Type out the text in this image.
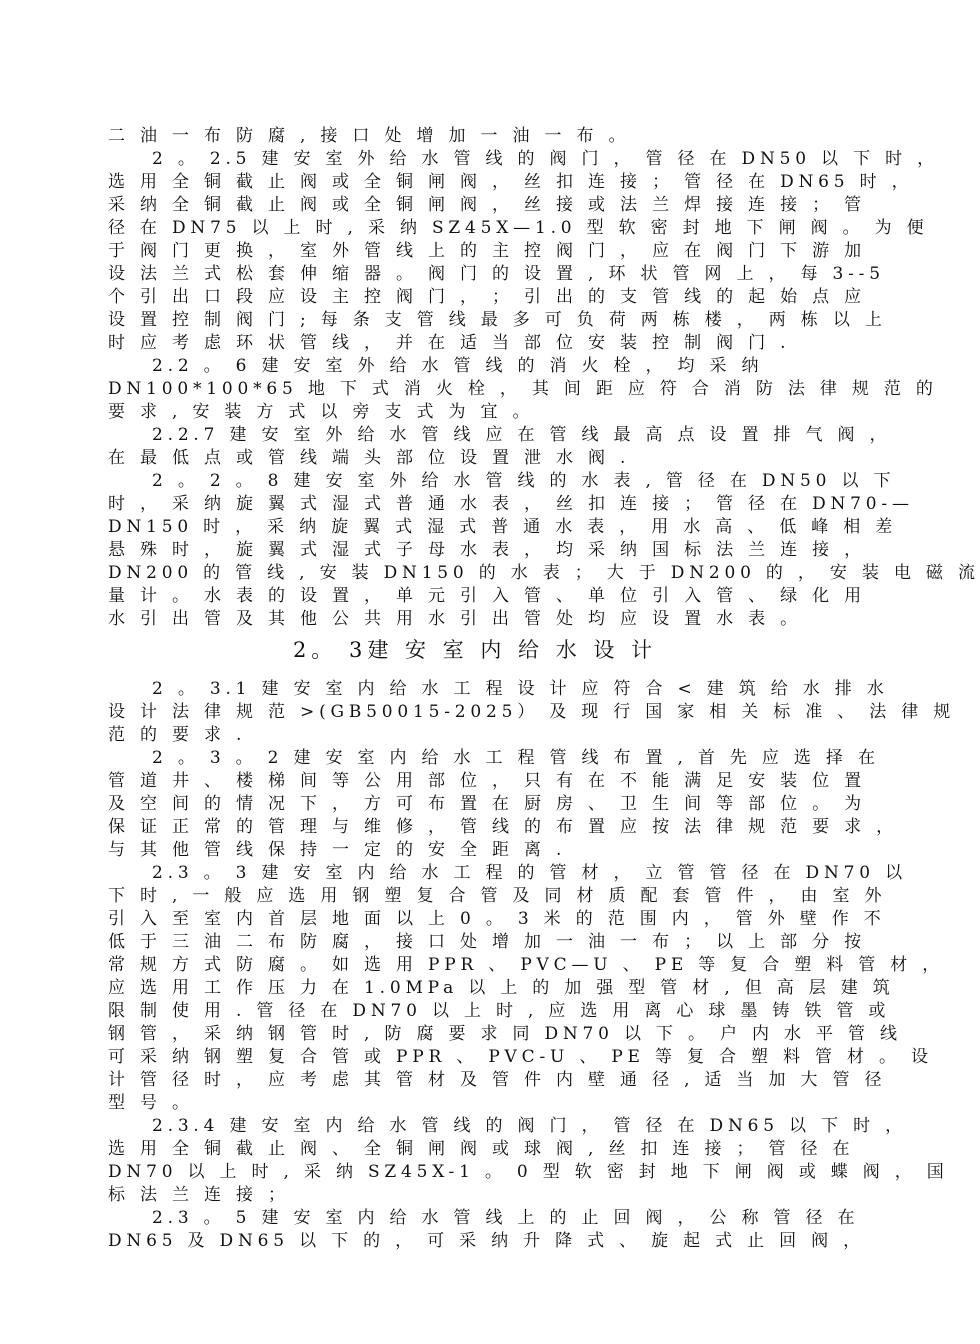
二 油 一 布 防 腐 , 接 口 处 增 加 一 油 一 布 。
2 。 2.5 建 安 室 外 给 水 管 线 的 阀 门 ， 管 径 在 DN50 以 下 时 ，
选 用 全 铜 截 止 阀 或 全 铜 闸 阀 ， 丝 扣 连 接 ； 管 径 在 DN65 时 ，
采 纳 全 铜 截 止 阀 或 全 铜 闸 阀 ， 丝 接 或 法 兰 焊 接 连 接 ； 管
径 在 DN75 以 上 时 , 采 纳 SZ45X—1.0 型 软 密 封 地 下 闸 阀 。 为 便
于 阀 门 更 换 ， 室 外 管 线 上 的 主 控 阀 门 ， 应 在 阀 门 下 游 加
设 法 兰 式 松 套 伸 缩 器 。 阀 门 的 设 置 , 环 状 管 网 上 ， 每 3--5
个 引 出 口 段 应 设 主 控 阀 门 ， ； 引 出 的 支 管 线 的 起 始 点 应
设 置 控 制 阀 门 ; 每 条 支 管 线 最 多 可 负 荷 两 栋 楼 ， 两 栋 以 上
时 应 考 虑 环 状 管 线 ， 并 在 适 当 部 位 安 装 控 制 阀 门 .
2.2 。 6 建 安 室 外 给 水 管 线 的 消 火 栓 ， 均 采 纳
DN100*100*65 地 下 式 消 火 栓 ， 其 间 距 应 符 合 消 防 法 律 规 范 的
要 求 , 安 装 方 式 以 旁 支 式 为 宜 。
2.2.7 建 安 室 外 给 水 管 线 应 在 管 线 最 高 点 设 置 排 气 阀 ，
在 最 低 点 或 管 线 端 头 部 位 设 置 泄 水 阀 .
2 。 2 。 8 建 安 室 外 给 水 管 线 的 水 表 , 管 径 在 DN50 以 下
时 ， 采 纳 旋 翼 式 湿 式 普 通 水 表 ， 丝 扣 连 接 ； 管 径 在 DN70-—
DN150 时 ， 采 纳 旋 翼 式 湿 式 普 通 水 表 ， 用 水 高 、 低 峰 相 差
悬 殊 时 ， 旋 翼 式 湿 式 子 母 水 表 ， 均 采 纳 国 标 法 兰 连 接 ，
DN200 的 管 线 , 安 装 DN150 的 水 表 ； 大 于 DN200 的 ， 安 装 电 磁 流
量 计 。 水 表 的 设 置 ， 单 元 引 入 管 、 单 位 引 入 管 、 绿 化 用
水 引 出 管 及 其 他 公 共 用 水 引 出 管 处 均 应 设 置 水 表 。
2。 3建 安 室 内 给 水 设 计
2 。 3.1 建 安 室 内 给 水 工 程 设 计 应 符 合 < 建 筑 给 水 排 水
设 计 法 律 规 范 >(GB50015-2025） 及 现 行 国 家 相 关 标 准 、 法 律 规
范 的 要 求 .
2 。 3 。 2 建 安 室 内 给 水 工 程 管 线 布 置 , 首 先 应 选 择 在
管 道 井 、 楼 梯 间 等 公 用 部 位 ， 只 有 在 不 能 满 足 安 装 位 置
及 空 间 的 情 况 下 ， 方 可 布 置 在 厨 房 、 卫 生 间 等 部 位 。 为
保 证 正 常 的 管 理 与 维 修 ， 管 线 的 布 置 应 按 法 律 规 范 要 求 ，
与 其 他 管 线 保 持 一 定 的 安 全 距 离 .
2.3 。 3 建 安 室 内 给 水 工 程 的 管 材 ， 立 管 管 径 在 DN70 以
下 时 , 一 般 应 选 用 钢 塑 复 合 管 及 同 材 质 配 套 管 件 ， 由 室 外
引 入 至 室 内 首 层 地 面 以 上 0 。 3 米 的 范 围 内 ， 管 外 壁 作 不
低 于 三 油 二 布 防 腐 ， 接 口 处 增 加 一 油 一 布 ； 以 上 部 分 按
常 规 方 式 防 腐 。 如 选 用 PPR 、 PVC—U 、 PE 等 复 合 塑 料 管 材 ，
应 选 用 工 作 压 力 在 1.0MPa 以 上 的 加 强 型 管 材 , 但 高 层 建 筑
限 制 使 用 . 管 径 在 DN70 以 上 时 , 应 选 用 离 心 球 墨 铸 铁 管 或
钢 管 ， 采 纳 钢 管 时 , 防 腐 要 求 同 DN70 以 下 。 户 内 水 平 管 线
可 采 纳 钢 塑 复 合 管 或 PPR 、 PVC-U 、 PE 等 复 合 塑 料 管 材 。 设
计 管 径 时 ， 应 考 虑 其 管 材 及 管 件 内 壁 通 径 , 适 当 加 大 管 径
型 号 。
2.3.4 建 安 室 内 给 水 管 线 的 阀 门 ， 管 径 在 DN65 以 下 时 ，
选 用 全 铜 截 止 阀 、 全 铜 闸 阀 或 球 阀 , 丝 扣 连 接 ； 管 径 在
DN70 以 上 时 , 采 纳 SZ45X-1 。 0 型 软 密 封 地 下 闸 阀 或 蝶 阀 ， 国
标 法 兰 连 接 ；
2.3 。 5 建 安 室 内 给 水 管 线 上 的 止 回 阀 ， 公 称 管 径 在
DN65 及 DN65 以 下 的 ， 可 采 纳 升 降 式 、 旋 起 式 止 回 阀 ，
